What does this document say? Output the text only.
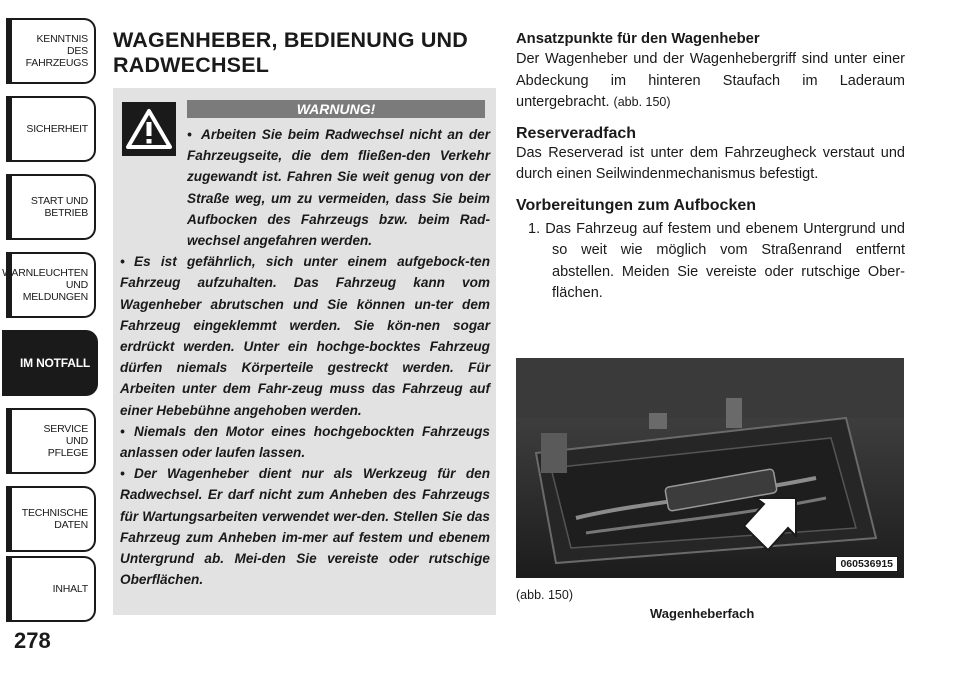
KENNTNIS
DES
FAHRZEUGS
SICHERHEIT
START UND
BETRIEB
WARNLEUCHTEN
UND
MELDUNGEN
IM NOTFALL
SERVICE
UND
PFLEGE
TECHNISCHE
DATEN
INHALT
278
WAGENHEBER, BEDIENUNG UND
RADWECHSEL
WARNUNG!

• Arbeiten Sie beim Radwechsel nicht an der Fahrzeugseite, die dem fließen-den Verkehr zugewandt ist. Fahren Sie weit genug von der Straße weg, um zu vermeiden, dass Sie beim Aufbocken des Fahrzeugs bzw. beim Rad-wechsel angefahren werden.

• Es ist gefährlich, sich unter einem aufgebock-ten Fahrzeug aufzuhalten. Das Fahrzeug kann vom Wagenheber abrutschen und Sie können un-ter dem Fahrzeug eingeklemmt werden. Sie kön-nen sogar erdrückt werden. Unter ein hochge-bocktes Fahrzeug dürfen niemals Körperteile gestreckt werden. Für Arbeiten unter dem Fahr-zeug muss das Fahrzeug auf einer Hebebühne angehoben werden.

• Niemals den Motor eines hochgebockten Fahrzeugs anlassen oder laufen lassen.

• Der Wagenheber dient nur als Werkzeug für den Radwechsel. Er darf nicht zum Anheben des Fahrzeugs für Wartungsarbeiten verwendet wer-den. Stellen Sie das Fahrzeug zum Anheben im-mer auf festem und ebenem Untergrund ab. Mei-den Sie vereiste oder rutschige Oberflächen.

Ansatzpunkte für den Wagenheber

Der Wagenheber und der Wagenhebergriff sind unter einer Abdeckung im hinteren Staufach im Laderaum untergebracht. (abb. 150)

Reserveradfach

Das Reserverad ist unter dem Fahrzeugheck verstaut und durch einen Seilwindenmechanismus befestigt.

Vorbereitungen zum Aufbocken

1. Das Fahrzeug auf festem und ebenem Untergrund und so weit wie möglich vom Straßenrand entfernt abstellen. Meiden Sie vereiste oder rutschige Ober-flächen.
060536915
(abb. 150)
Wagenheberfach
